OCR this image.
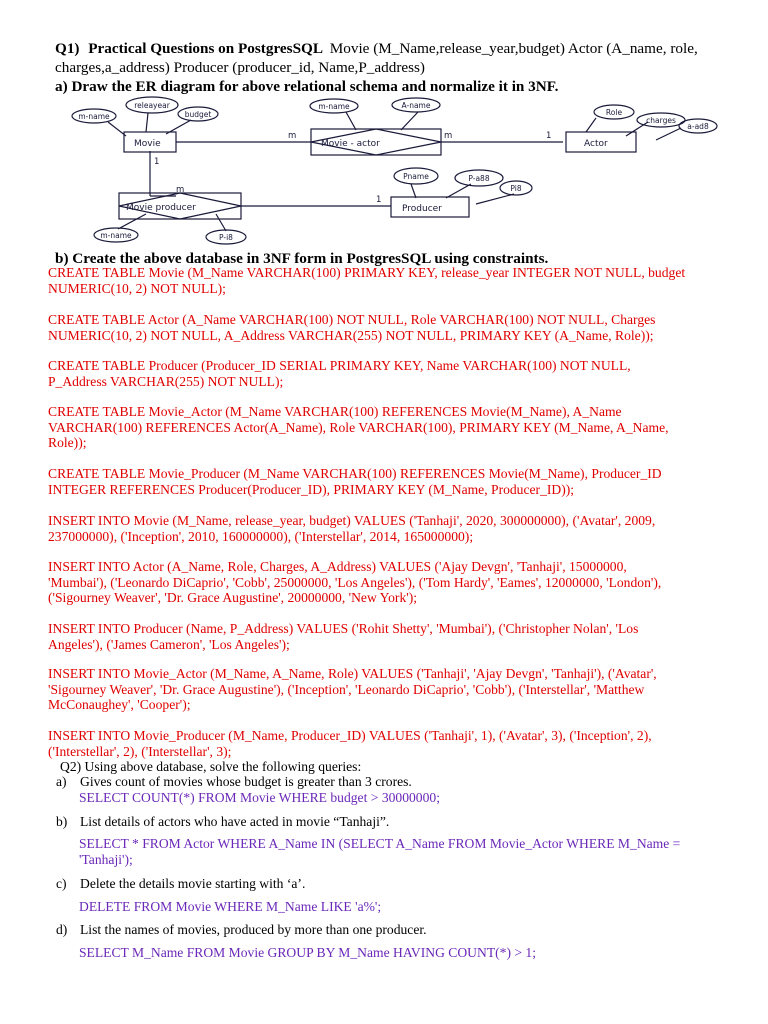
Q1) Practical Questions on PostgresSQL Movie (M_Name,release_year,budget) Actor (A_name, role,
charges,a_address) Producer (producer_id, Name,P_address)
a) Draw the ER diagram for above relational schema and normalize it in 3NF.
Movie	Movie - actor	Actor
Movie producer	Producer
m-name
releayear
budget
m-name	A-name
Role
charges
a-ad8
Pname	P-a88
Pi8
m-name	P-i8
m	m	1
1
m
1
b) Create the above database in 3NF form in PostgresSQL using constraints.
CREATE TABLE Movie (M_Name VARCHAR(100) PRIMARY KEY, release_year INTEGER NOT NULL, budget
NUMERIC(10, 2) NOT NULL);
CREATE TABLE Actor (A_Name VARCHAR(100) NOT NULL, Role VARCHAR(100) NOT NULL, Charges
NUMERIC(10, 2) NOT NULL, A_Address VARCHAR(255) NOT NULL, PRIMARY KEY (A_Name, Role));
CREATE TABLE Producer (Producer_ID SERIAL PRIMARY KEY, Name VARCHAR(100) NOT NULL,
P_Address VARCHAR(255) NOT NULL);
CREATE TABLE Movie_Actor (M_Name VARCHAR(100) REFERENCES Movie(M_Name), A_Name
VARCHAR(100) REFERENCES Actor(A_Name), Role VARCHAR(100), PRIMARY KEY (M_Name, A_Name,
Role));
CREATE TABLE Movie_Producer (M_Name VARCHAR(100) REFERENCES Movie(M_Name), Producer_ID
INTEGER REFERENCES Producer(Producer_ID), PRIMARY KEY (M_Name, Producer_ID));
INSERT INTO Movie (M_Name, release_year, budget) VALUES ('Tanhaji', 2020, 300000000), ('Avatar', 2009,
237000000), ('Inception', 2010, 160000000), ('Interstellar', 2014, 165000000);
INSERT INTO Actor (A_Name, Role, Charges, A_Address) VALUES ('Ajay Devgn', 'Tanhaji', 15000000,
'Mumbai'), ('Leonardo DiCaprio', 'Cobb', 25000000, 'Los Angeles'), ('Tom Hardy', 'Eames', 12000000, 'London'),
('Sigourney Weaver', 'Dr. Grace Augustine', 20000000, 'New York');
INSERT INTO Producer (Name, P_Address) VALUES ('Rohit Shetty', 'Mumbai'), ('Christopher Nolan', 'Los
Angeles'), ('James Cameron', 'Los Angeles');
INSERT INTO Movie_Actor (M_Name, A_Name, Role) VALUES ('Tanhaji', 'Ajay Devgn', 'Tanhaji'), ('Avatar',
'Sigourney Weaver', 'Dr. Grace Augustine'), ('Inception', 'Leonardo DiCaprio', 'Cobb'), ('Interstellar', 'Matthew
McConaughey', 'Cooper');
INSERT INTO Movie_Producer (M_Name, Producer_ID) VALUES ('Tanhaji', 1), ('Avatar', 3), ('Inception', 2),
('Interstellar', 2), ('Interstellar', 3);
Q2) Using above database, solve the following queries:
a) Gives count of movies whose budget is greater than 3 crores.
SELECT COUNT(*) FROM Movie WHERE budget > 30000000;
b) List details of actors who have acted in movie “Tanhaji”.
SELECT * FROM Actor WHERE A_Name IN (SELECT A_Name FROM Movie_Actor WHERE M_Name =
'Tanhaji');
c) Delete the details movie starting with ‘a’.
DELETE FROM Movie WHERE M_Name LIKE 'a%';
d) List the names of movies, produced by more than one producer.
SELECT M_Name FROM Movie GROUP BY M_Name HAVING COUNT(*) > 1;
